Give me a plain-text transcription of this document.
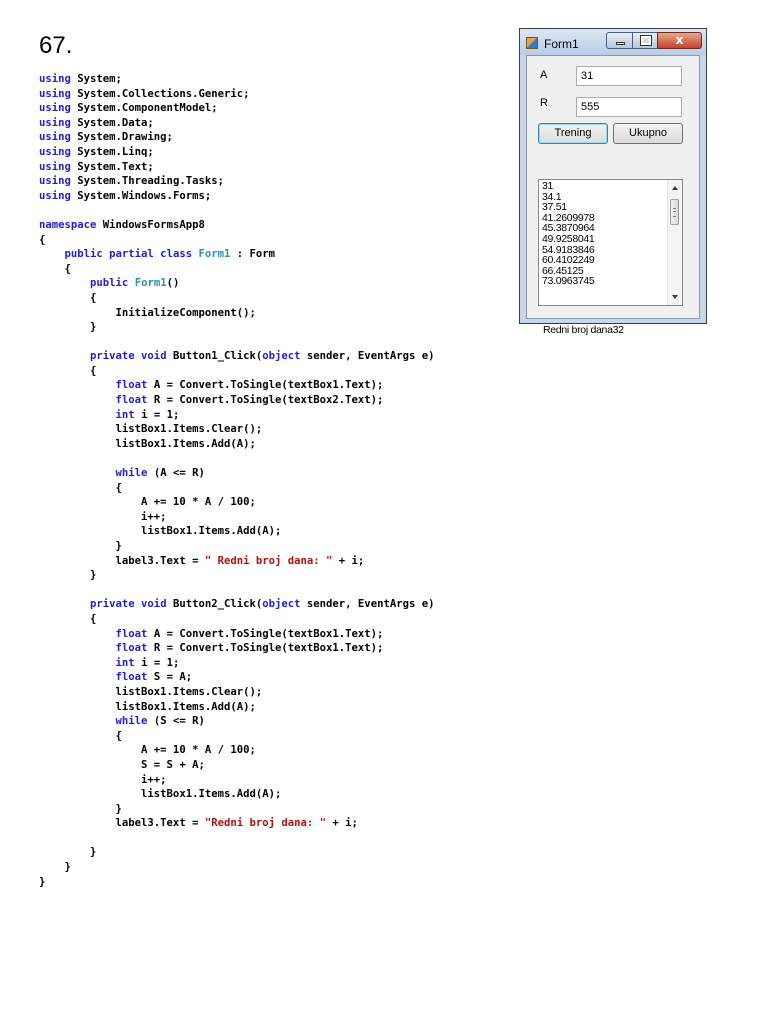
67.
using System;
using System.Collections.Generic;
using System.ComponentModel;
using System.Data;
using System.Drawing;
using System.Linq;
using System.Text;
using System.Threading.Tasks;
using System.Windows.Forms;

namespace WindowsFormsApp8
{
public partial class Form1 : Form
{
public Form1()
{
InitializeComponent();
}

private void Button1_Click(object sender, EventArgs e)
{
float A = Convert.ToSingle(textBox1.Text);
float R = Convert.ToSingle(textBox2.Text);
int i = 1;
listBox1.Items.Clear();
listBox1.Items.Add(A);

while (A <= R)
{
A += 10 * A / 100;
i++;
listBox1.Items.Add(A);
}
label3.Text = " Redni broj dana: " + i;
}

private void Button2_Click(object sender, EventArgs e)
{
float A = Convert.ToSingle(textBox1.Text);
float R = Convert.ToSingle(textBox1.Text);
int i = 1;
float S = A;
listBox1.Items.Clear();
listBox1.Items.Add(A);
while (S <= R)
{
A += 10 * A / 100;
S = S + A;
i++;
listBox1.Items.Add(A);
}
label3.Text = "Redni broj dana: " + i;

}
}
}
Form1	x
A	31
R	555
Trening	Ukupno
31
34.1
37.51
41.2609978
45.3870964
49.9258041
54.9183846
60.4102249
66.45125
73.0963745
Redni broj dana32
